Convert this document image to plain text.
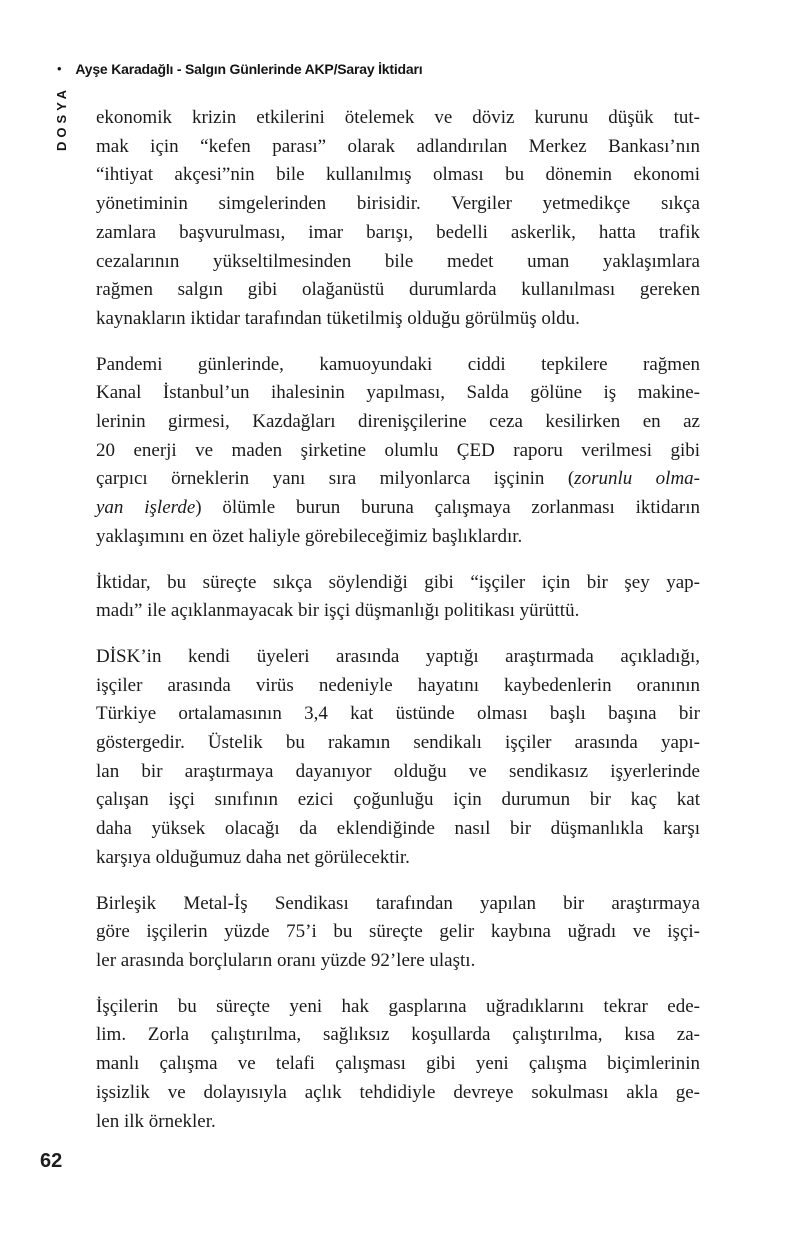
• Ayşe Karadağlı - Salgın Günlerinde AKP/Saray İktidarı
DOSYA ekonomik krizin etkilerini ötelemek ve döviz kurunu düşük tut-
mak için “kefen parası” olarak adlandırılan Merkez Bankası’nın
“ihtiyat akçesi”nin bile kullanılmış olması bu dönemin ekonomi
yönetiminin simgelerinden birisidir. Vergiler yetmedikçe sıkça
zamlara başvurulması, imar barışı, bedelli askerlik, hatta trafik
cezalarının yükseltilmesinden bile medet uman yaklaşımlara
rağmen salgın gibi olağanüstü durumlarda kullanılması gereken
kaynakların iktidar tarafından tüketilmiş olduğu görülmüş oldu.
Pandemi günlerinde, kamuoyundaki ciddi tepkilere rağmen
Kanal İstanbul’un ihalesinin yapılması, Salda gölüne iş makine-
lerinin girmesi, Kazdağları direnişçilerine ceza kesilirken en az
20 enerji ve maden şirketine olumlu ÇED raporu verilmesi gibi
çarpıcı örneklerin yanı sıra milyonlarca işçinin (zorunlu olma-
yan işlerde) ölümle burun buruna çalışmaya zorlanması iktidarın
yaklaşımını en özet haliyle görebileceğimiz başlıklardır.
İktidar, bu süreçte sıkça söylendiği gibi “işçiler için bir şey yap-
madı” ile açıklanmayacak bir işçi düşmanlığı politikası yürüttü.
DİSK’in kendi üyeleri arasında yaptığı araştırmada açıkladığı,
işçiler arasında virüs nedeniyle hayatını kaybedenlerin oranının
Türkiye ortalamasının 3,4 kat üstünde olması başlı başına bir
göstergedir. Üstelik bu rakamın sendikalı işçiler arasında yapı-
lan bir araştırmaya dayanıyor olduğu ve sendikasız işyerlerinde
çalışan işçi sınıfının ezici çoğunluğu için durumun bir kaç kat
daha yüksek olacağı da eklendiğinde nasıl bir düşmanlıkla karşı
karşıya olduğumuz daha net görülecektir.
Birleşik Metal-İş Sendikası tarafından yapılan bir araştırmaya
göre işçilerin yüzde 75’i bu süreçte gelir kaybına uğradı ve işçi-
ler arasında borçluların oranı yüzde 92’lere ulaştı.
İşçilerin bu süreçte yeni hak gasplarına uğradıklarını tekrar ede-
lim. Zorla çalıştırılma, sağlıksız koşullarda çalıştırılma, kısa za-
manlı çalışma ve telafi çalışması gibi yeni çalışma biçimlerinin
işsizlik ve dolayısıyla açlık tehdidiyle devreye sokulması akla ge-
len ilk örnekler.
62
